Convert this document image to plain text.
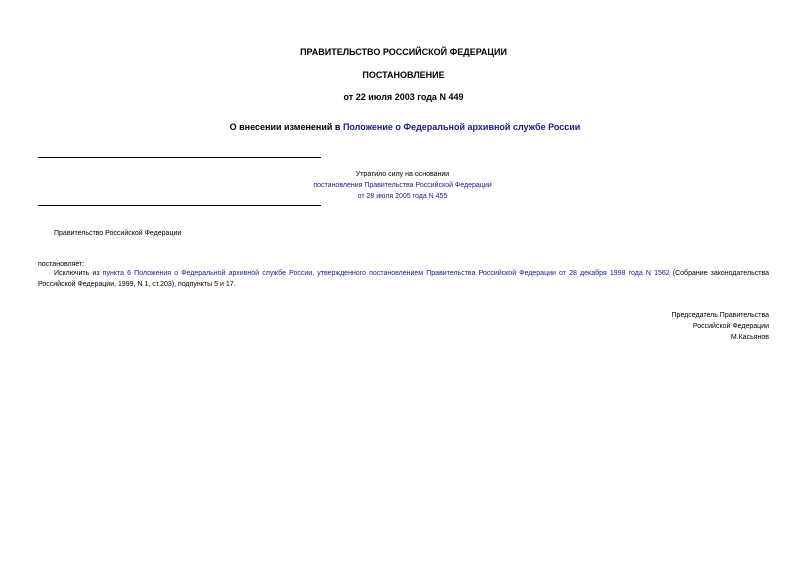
ПРАВИТЕЛЬСТВО РОССИЙСКОЙ ФЕДЕРАЦИИ
ПОСТАНОВЛЕНИЕ
от 22 июля 2003 года N 449
О внесении изменений в Положение о Федеральной архивной службе России
Утратило силу на основании
постановления Правительства Российской Федерации
от 28 июля 2005 года N 455
Правительство Российской Федерации
постановляет:
Исключить из пункта 6 Положения о Федеральной архивной службе России, утвержденного постановлением Правительства Российской Федерации от 28 декабря 1998 года N 1562 (Собрание законодательства Российской Федерации, 1999, N 1, ст.203), подпункты 5 и 17.
Председатель Правительства
Российской Федерации
М.Касьянов
